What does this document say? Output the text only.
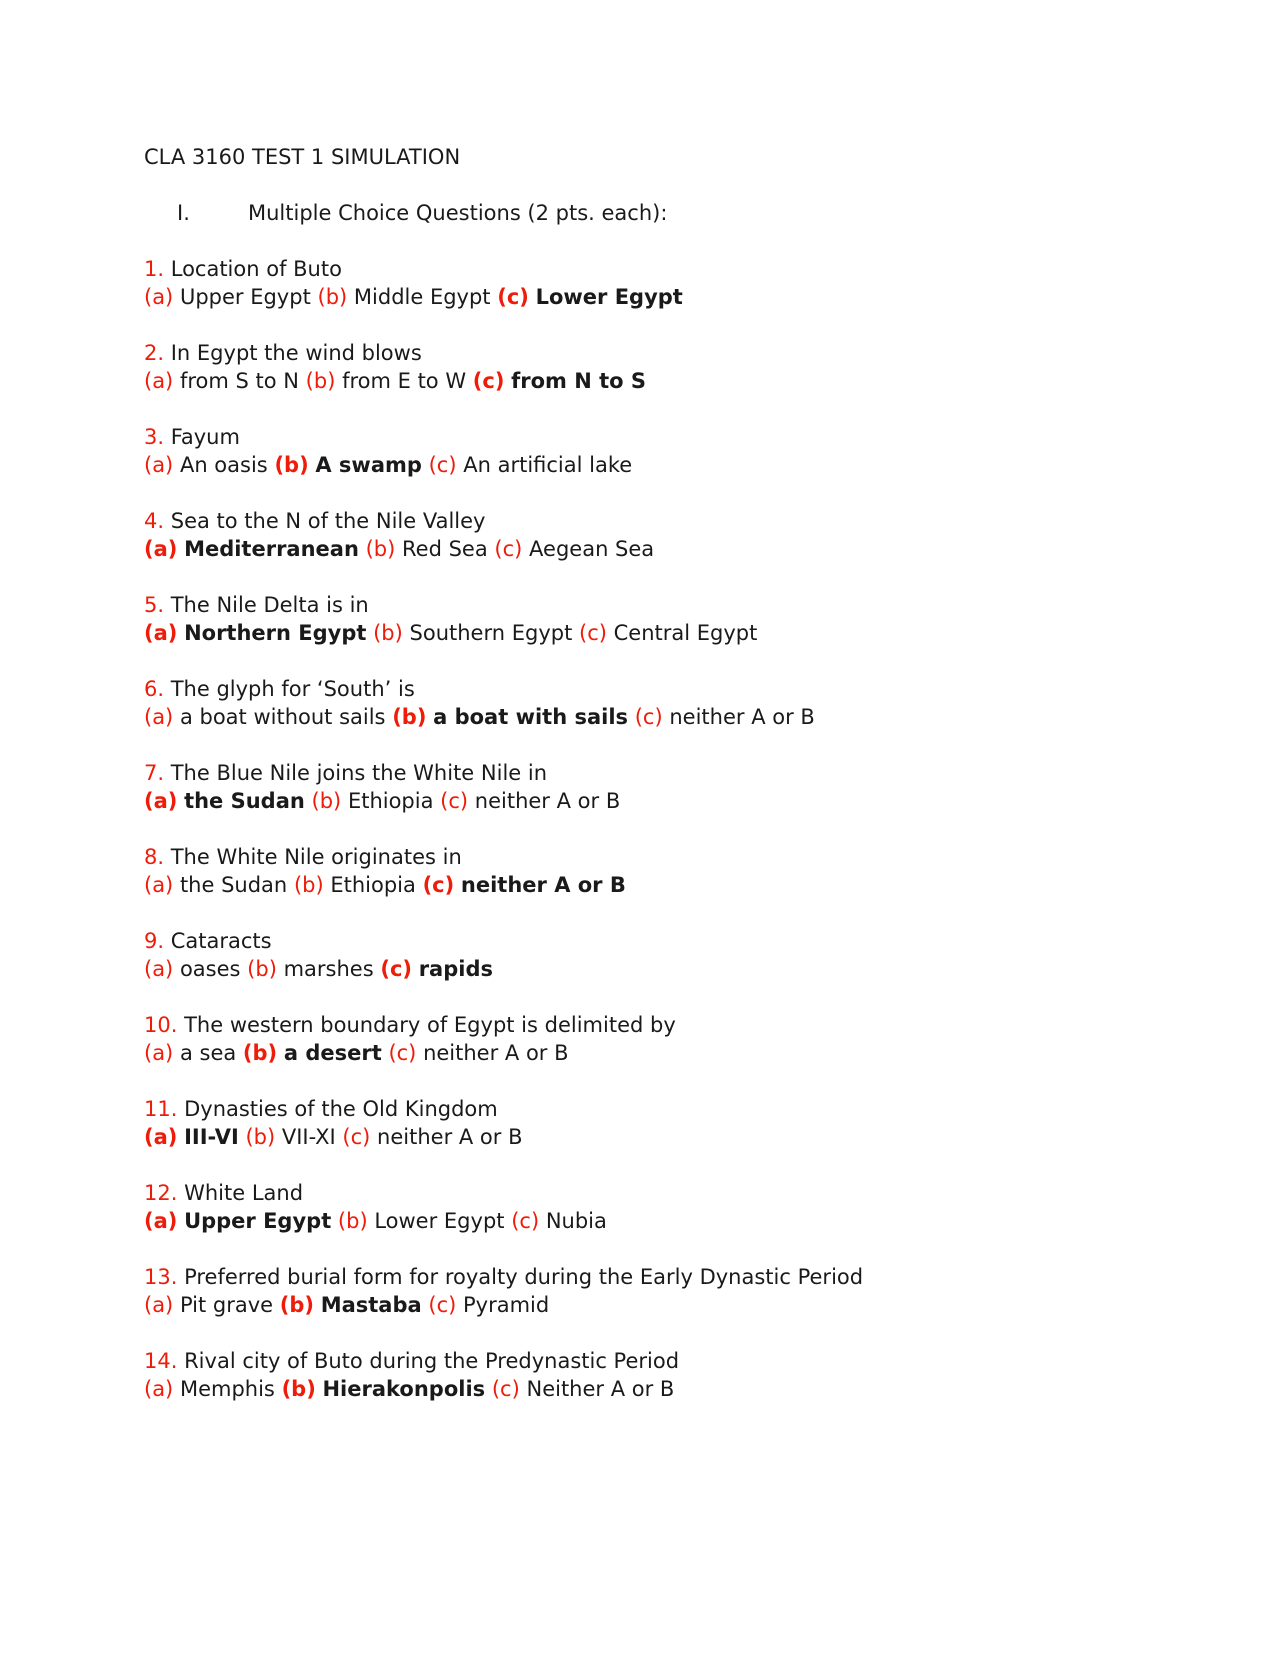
CLA 3160 TEST 1 SIMULATION
I.	Multiple Choice Questions (2 pts. each):
1. Location of Buto
(a) Upper Egypt (b) Middle Egypt (c) Lower Egypt
2. In Egypt the wind blows
(a) from S to N (b) from E to W (c) from N to S
3. Fayum
(a) An oasis (b) A swamp (c) An artificial lake
4. Sea to the N of the Nile Valley
(a) Mediterranean (b) Red Sea (c) Aegean Sea
5. The Nile Delta is in
(a) Northern Egypt (b) Southern Egypt (c) Central Egypt
6. The glyph for ‘South’ is
(a) a boat without sails (b) a boat with sails (c) neither A or B
7. The Blue Nile joins the White Nile in
(a) the Sudan (b) Ethiopia (c) neither A or B
8. The White Nile originates in
(a) the Sudan (b) Ethiopia (c) neither A or B
9. Cataracts
(a) oases (b) marshes (c) rapids
10. The western boundary of Egypt is delimited by
(a) a sea (b) a desert (c) neither A or B
11. Dynasties of the Old Kingdom
(a) III-VI (b) VII-XI (c) neither A or B
12. White Land
(a) Upper Egypt (b) Lower Egypt (c) Nubia
13. Preferred burial form for royalty during the Early Dynastic Period
(a) Pit grave (b) Mastaba (c) Pyramid
14. Rival city of Buto during the Predynastic Period
(a) Memphis (b) Hierakonpolis (c) Neither A or B
